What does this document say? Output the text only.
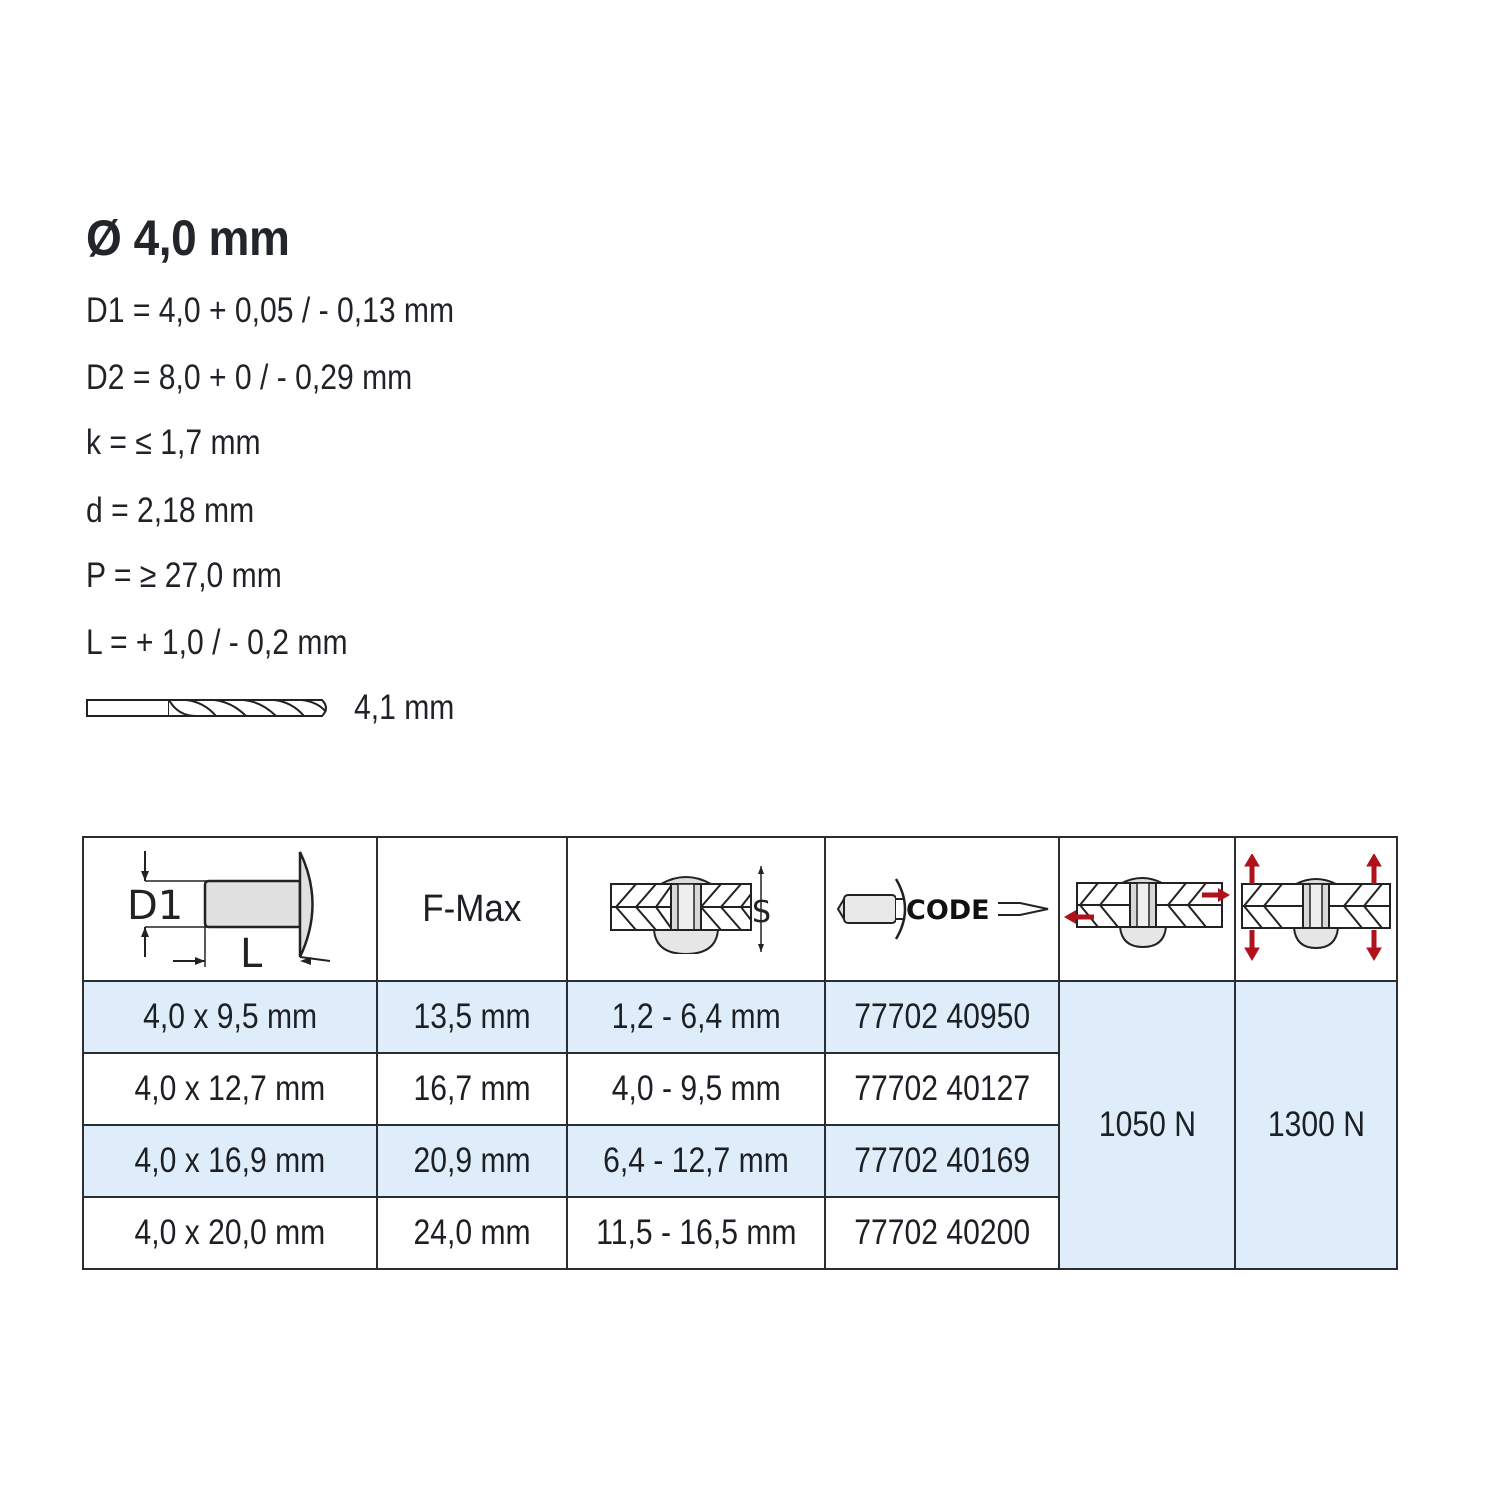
Ø 4,0 mm
D1 = 4,0 + 0,05 / - 0,13 mm
D2 = 8,0 + 0 / - 0,29 mm
k = ≤ 1,7 mm
d = 2,18 mm
P = ≥ 27,0 mm
L = + 1,0 / - 0,2 mm
4,1 mm
D1
L	F-Max	S	CODE

4,0 x 9,5 mm	13,5 mm	1,2 - 6,4 mm	77702 40950	1050 N	1300 N
4,0 x 12,7 mm	16,7 mm	4,0 - 9,5 mm	77702 40127		
4,0 x 16,9 mm	20,9 mm	6,4 - 12,7 mm	77702 40169		
4,0 x 20,0 mm	24,0 mm	11,5 - 16,5 mm	77702 40200		
